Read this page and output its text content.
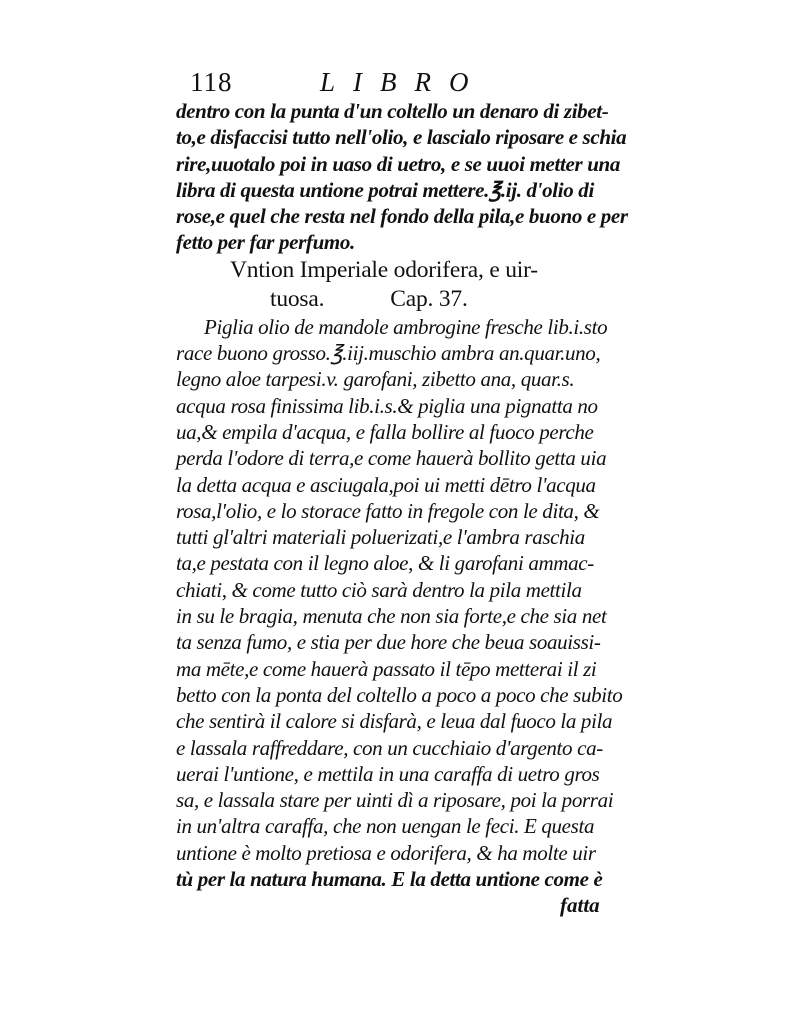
118	LIBRO
dentro con la punta d'un coltello un denaro di zibet-
to,e disfaccisi tutto nell'olio, e lascialo riposare e schia
rire,uuotalo poi in uaso di uetro, e se uuoi metter una
libra di questa untione potrai mettere.℥.ij. d'olio di
rose,e quel che resta nel fondo della pila,e buono e per
fetto per far perfumo.
Vntion Imperiale odorifera, e uir-
tuosa.	Cap. 37.
Piglia olio de mandole ambrogine fresche lib.i.sto
race buono grosso.℥.iij.muschio ambra an.quar.uno,
legno aloe tarpesi.v. garofani, zibetto ana, quar.s.
acqua rosa finissima lib.i.s.& piglia una pignatta no
ua,& empila d'acqua, e falla bollire al fuoco perche
perda l'odore di terra,e come hauerà bollito getta uia
la detta acqua e asciugala,poi ui metti dētro l'acqua
rosa,l'olio, e lo storace fatto in fregole con le dita, &
tutti gl'altri materiali poluerizati,e l'ambra raschia
ta,e pestata con il legno aloe, & li garofani ammac-
chiati, & come tutto ciò sarà dentro la pila mettila
in su le bragia, menuta che non sia forte,e che sia net
ta senza fumo, e stia per due hore che beua soauissi-
ma mēte,e come hauerà passato il tēpo metterai il zi
betto con la ponta del coltello a poco a poco che subito
che sentirà il calore si disfarà, e leua dal fuoco la pila
e lassala raffreddare, con un cucchiaio d'argento ca-
uerai l'untione, e mettila in una caraffa di uetro gros
sa, e lassala stare per uinti dì a riposare, poi la porrai
in un'altra caraffa, che non uengan le feci. E questa
untione è molto pretiosa e odorifera, & ha molte uir
tù per la natura humana. E la detta untione come è
fatta
